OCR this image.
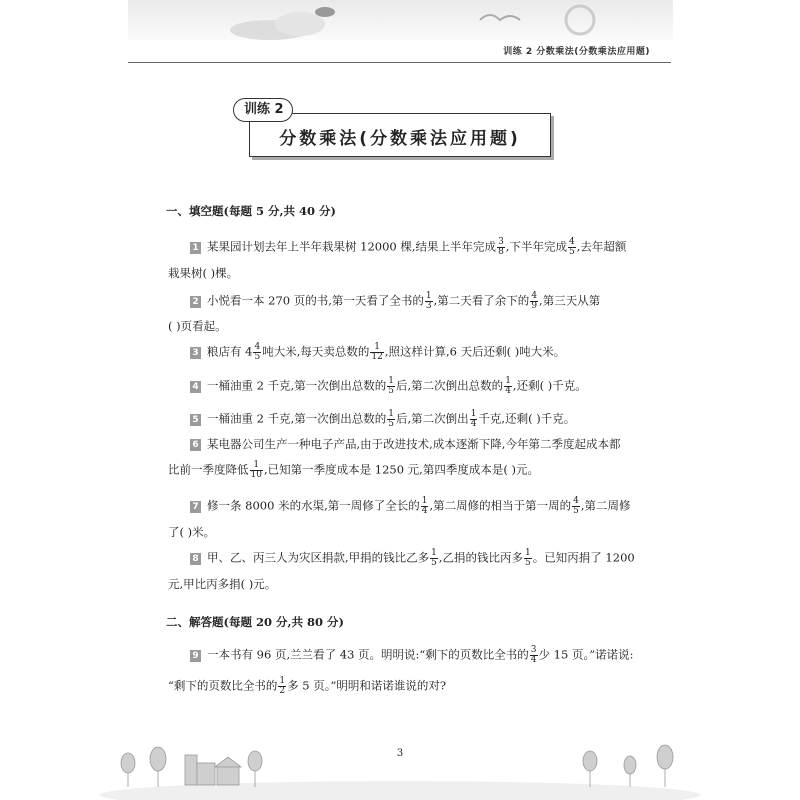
训练 2 分数乘法(分数乘法应用题)
分数乘法(分数乘法应用题)
训练 2
一、填空题(每题 5 分,共 40 分)
1 某果园计划去年上半年栽果树 12000 棵,结果上半年完成 $\frac{3}{8}$ ,下半年完成 $\frac{4}{5}$ ,去年超额
栽果树( )棵。
2 小悦看一本 270 页的书,第一天看了全书的 $\frac{1}{3}$ ,第二天看了余下的 $\frac{4}{9}$ ,第三天从第
( )页看起。
3 粮店有 $4 \frac{4}{5}$ 吨大米,每天卖总数的 $\frac{1}{12}$ ,照这样计算,6 天后还剩( )吨大米。
4 一桶油重 2 千克,第一次倒出总数的 $\frac{1}{5}$ 后,第二次倒出总数的 $\frac{1}{4}$ ,还剩( )千克。
5 一桶油重 2 千克,第一次倒出总数的 $\frac{1}{5}$ 后,第二次倒出 $\frac{1}{4}$ 千克,还剩( )千克。
6 某电器公司生产一种电子产品,由于改进技术,成本逐渐下降,今年第二季度起成本都
比前一季度降低 $\frac{1}{10}$ ,已知第一季度成本是 1250 元,第四季度成本是( )元。
7 修一条 8000 米的水渠,第一周修了全长的 $\frac{1}{4}$ ,第二周修的相当于第一周的 $\frac{4}{5}$ ,第二周修
了( )米。
8 甲、乙、丙三人为灾区捐款,甲捐的钱比乙多 $\frac{1}{5}$ ,乙捐的钱比丙多 $\frac{1}{5}$ 。已知丙捐了 1200
元,甲比丙多捐( )元。
二、解答题(每题 20 分,共 80 分)
9 一本书有 96 页,兰兰看了 43 页。明明说:“剩下的页数比全书的 $\frac{3}{4}$ 少 15 页。”诺诺说:
“剩下的页数比全书的 $\frac{1}{2}$ 多 5 页。”明明和诺诺谁说的对?
3
